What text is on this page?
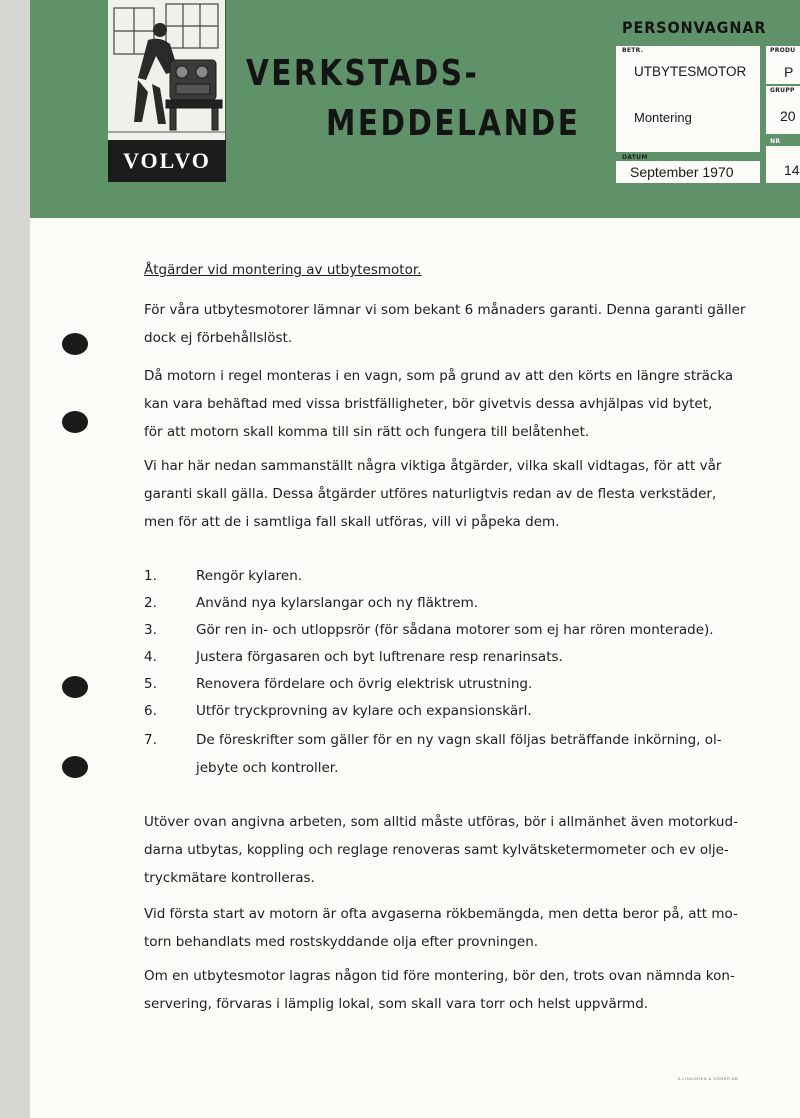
VOLVO
VERKSTADS-
MEDDELANDE
PERSONVAGNAR
BETR.
UTBYTESMOTOR
Montering
DATUM
September 1970
PRODU
P
GRUPP
20
NR
14
Åtgärder vid montering av utbytesmotor.
För våra utbytesmotorer lämnar vi som bekant 6 månaders garanti. Denna garanti gäller
dock ej förbehållslöst.
Då motorn i regel monteras i en vagn, som på grund av att den körts en längre sträcka
kan vara behäftad med vissa bristfälligheter, bör givetvis dessa avhjälpas vid bytet,
för att motorn skall komma till sin rätt och fungera till belåtenhet.
Vi har här nedan sammanställt några viktiga åtgärder, vilka skall vidtagas, för att vår
garanti skall gälla. Dessa åtgärder utföres naturligtvis redan av de flesta verkstäder,
men för att de i samtliga fall skall utföras, vill vi påpeka dem.
1.	Rengör kylaren.
2.	Använd nya kylarslangar och ny fläktrem.
3.	Gör ren in- och utloppsrör (för sådana motorer som ej har rören monterade).
4.	Justera förgasaren och byt luftrenare resp renarinsats.
5.	Renovera fördelare och övrig elektrisk utrustning.
6.	Utför tryckprovning av kylare och expansionskärl.
7.	De föreskrifter som gäller för en ny vagn skall följas beträffande inkörning, ol-
jebyte och kontroller.
Utöver ovan angivna arbeten, som alltid måste utföras, bör i allmänhet även motorkud-
darna utbytas, koppling och reglage renoveras samt kylvätsketermometer och ev olje-
tryckmätare kontrolleras.
Vid första start av motorn är ofta avgaserna rökbemängda, men detta beror på, att mo-
torn behandlats med rostskyddande olja efter provningen.
Om en utbytesmotor lagras någon tid före montering, bör den, trots ovan nämnda kon-
servering, förvaras i lämplig lokal, som skall vara torr och helst uppvärmd.
A.LINDGREN & SÖNER AB
